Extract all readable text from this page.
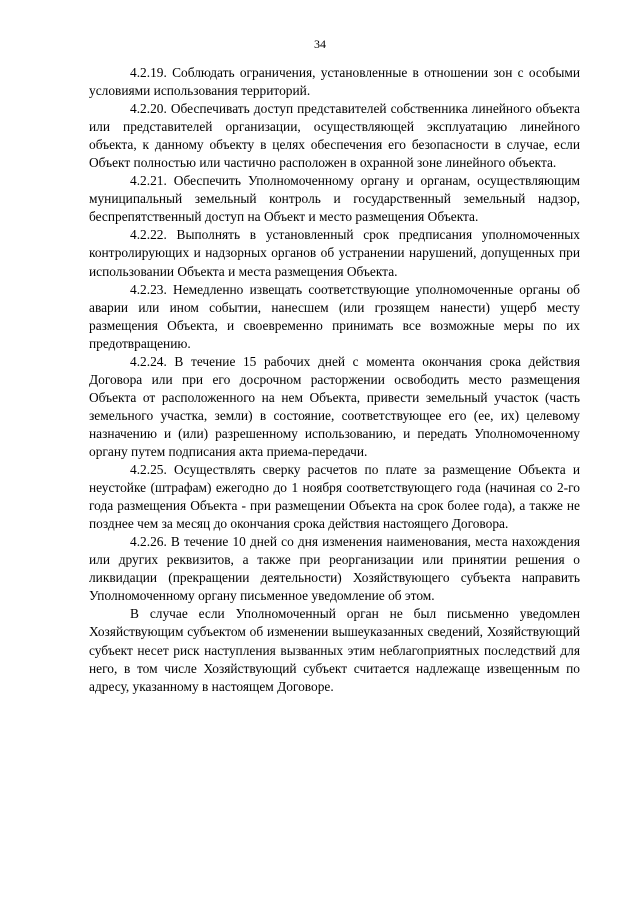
34

4.2.19. Соблюдать ограничения, установленные в отношении зон с особыми условиями использования территорий.

4.2.20. Обеспечивать доступ представителей собственника линейного объекта или представителей организации, осуществляющей эксплуатацию линейного объекта, к данному объекту в целях обеспечения его безопасности в случае, если Объект полностью или частично расположен в охранной зоне линейного объекта.

4.2.21. Обеспечить Уполномоченному органу и органам, осуществляющим муниципальный земельный контроль и государственный земельный надзор, беспрепятственный доступ на Объект и место размещения Объекта.

4.2.22. Выполнять в установленный срок предписания уполномоченных контролирующих и надзорных органов об устранении нарушений, допущенных при использовании Объекта и места размещения Объекта.

4.2.23. Немедленно извещать соответствующие уполномоченные органы об аварии или ином событии, нанесшем (или грозящем нанести) ущерб месту размещения Объекта, и своевременно принимать все возможные меры по их предотвращению.

4.2.24. В течение 15 рабочих дней с момента окончания срока действия Договора или при его досрочном расторжении освободить место размещения Объекта от расположенного на нем Объекта, привести земельный участок (часть земельного участка, земли) в состояние, соответствующее его (ее, их) целевому назначению и (или) разрешенному использованию, и передать Уполномоченному органу путем подписания акта приема-передачи.

4.2.25. Осуществлять сверку расчетов по плате за размещение Объекта и неустойке (штрафам) ежегодно до 1 ноября соответствующего года (начиная со 2-го года размещения Объекта - при размещении Объекта на срок более года), а также не позднее чем за месяц до окончания срока действия настоящего Договора.

4.2.26. В течение 10 дней со дня изменения наименования, места нахождения или других реквизитов, а также при реорганизации или принятии решения о ликвидации (прекращении деятельности) Хозяйствующего субъекта направить Уполномоченному органу письменное уведомление об этом.

В случае если Уполномоченный орган не был письменно уведомлен Хозяйствующим субъектом об изменении вышеуказанных сведений, Хозяйствующий субъект несет риск наступления вызванных этим неблагоприятных последствий для него, в том числе Хозяйствующий субъект считается надлежаще извещенным по адресу, указанному в настоящем Договоре.
